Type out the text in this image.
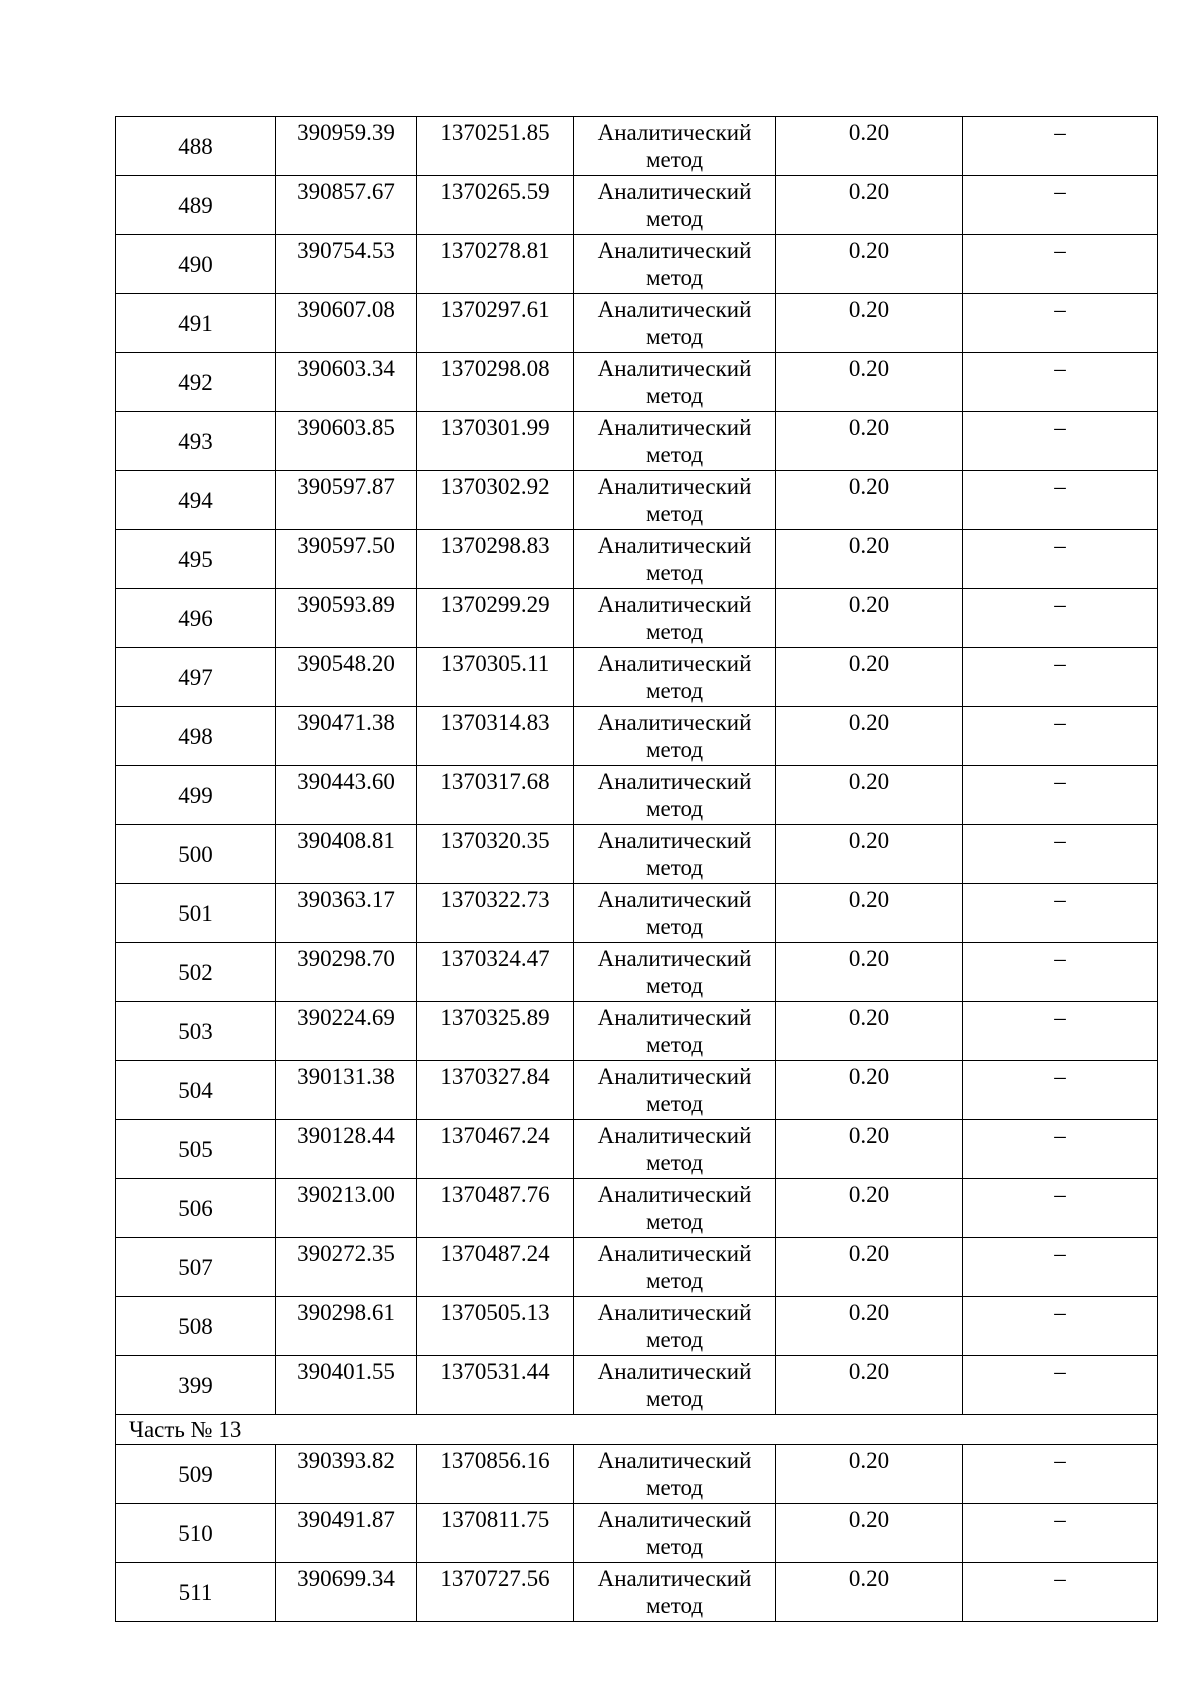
488	390959.39	1370251.85	Аналитический
метод	0.20	–
489	390857.67	1370265.59	Аналитический
метод	0.20	–
490	390754.53	1370278.81	Аналитический
метод	0.20	–
491	390607.08	1370297.61	Аналитический
метод	0.20	–
492	390603.34	1370298.08	Аналитический
метод	0.20	–
493	390603.85	1370301.99	Аналитический
метод	0.20	–
494	390597.87	1370302.92	Аналитический
метод	0.20	–
495	390597.50	1370298.83	Аналитический
метод	0.20	–
496	390593.89	1370299.29	Аналитический
метод	0.20	–
497	390548.20	1370305.11	Аналитический
метод	0.20	–
498	390471.38	1370314.83	Аналитический
метод	0.20	–
499	390443.60	1370317.68	Аналитический
метод	0.20	–
500	390408.81	1370320.35	Аналитический
метод	0.20	–
501	390363.17	1370322.73	Аналитический
метод	0.20	–
502	390298.70	1370324.47	Аналитический
метод	0.20	–
503	390224.69	1370325.89	Аналитический
метод	0.20	–
504	390131.38	1370327.84	Аналитический
метод	0.20	–
505	390128.44	1370467.24	Аналитический
метод	0.20	–
506	390213.00	1370487.76	Аналитический
метод	0.20	–
507	390272.35	1370487.24	Аналитический
метод	0.20	–
508	390298.61	1370505.13	Аналитический
метод	0.20	–
399	390401.55	1370531.44	Аналитический
метод	0.20	–
Часть № 13					
509	390393.82	1370856.16	Аналитический
метод	0.20	–
510	390491.87	1370811.75	Аналитический
метод	0.20	–
511	390699.34	1370727.56	Аналитический
метод	0.20	–
